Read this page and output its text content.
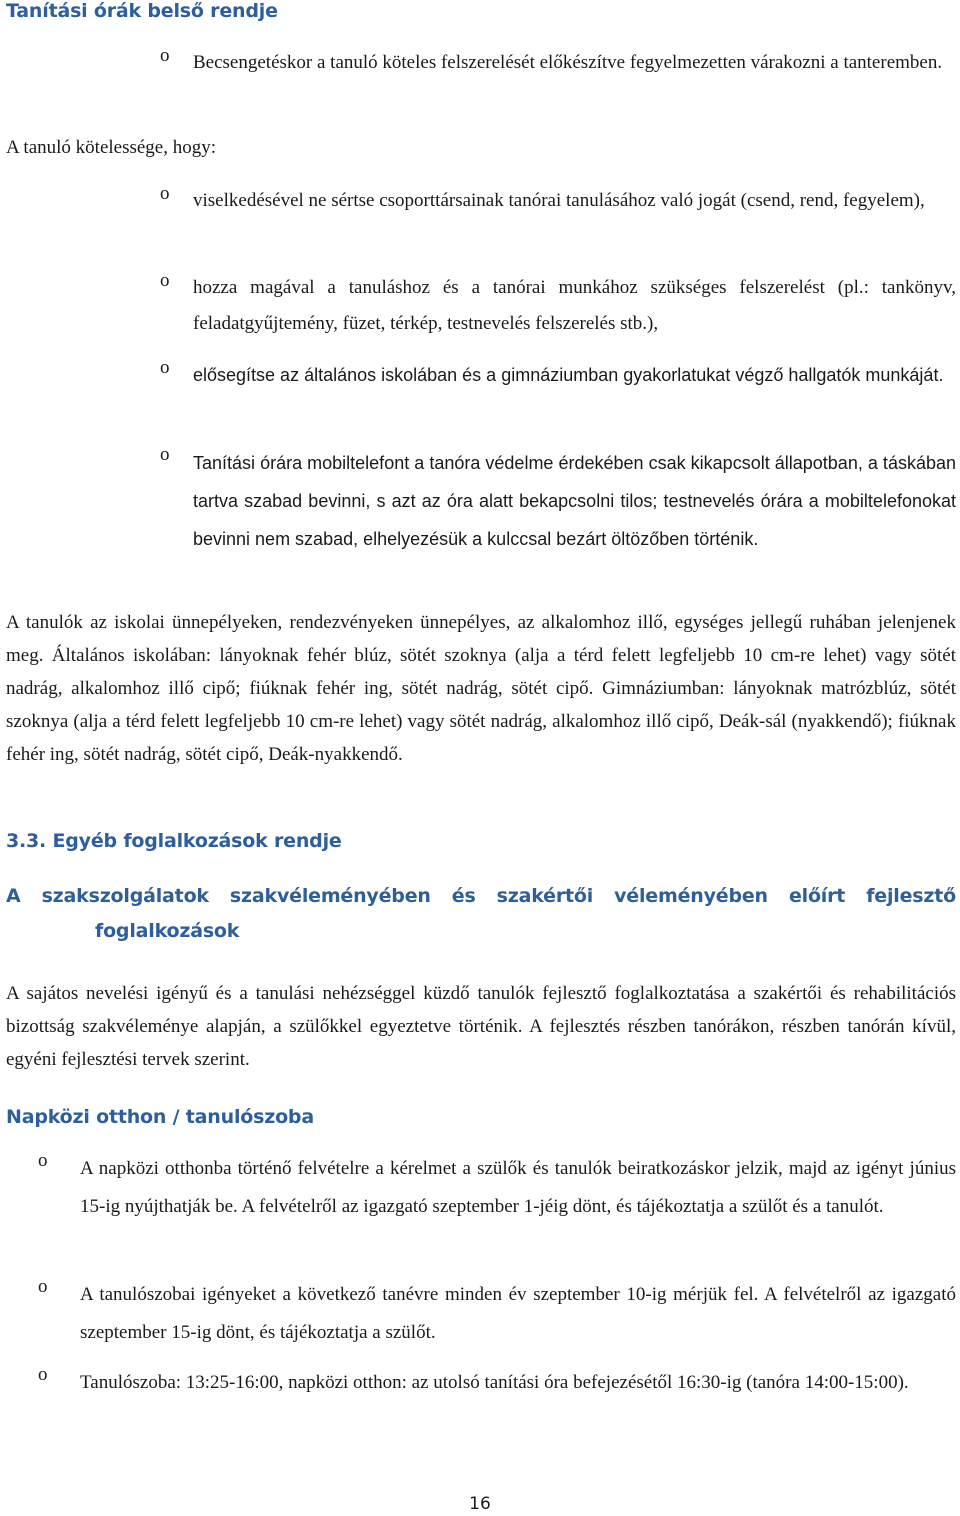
Tanítási órák belső rendje
o Becsengetéskor a tanuló köteles felszerelését előkészítve fegyelmezetten várakozni a tanteremben.

A tanuló kötelessége, hogy:

o viselkedésével ne sértse csoporttársainak tanórai tanulásához való jogát (csend, rend, fegyelem),

o hozza magával a tanuláshoz és a tanórai munkához szükséges felszerelést (pl.: tankönyv, feladatgyűjtemény, füzet, térkép, testnevelés felszerelés stb.),

o elősegítse az általános iskolában és a gimnáziumban gyakorlatukat végző hallgatók munkáját.

o Tanítási órára mobiltelefont a tanóra védelme érdekében csak kikapcsolt állapotban, a táskában tartva szabad bevinni, s azt az óra alatt bekapcsolni tilos; testnevelés órára a mobiltelefonokat bevinni nem szabad, elhelyezésük a kulccsal bezárt öltözőben történik.

A tanulók az iskolai ünnepélyeken, rendezvényeken ünnepélyes, az alkalomhoz illő, egységes jellegű ruhában jelenjenek meg. Általános iskolában: lányoknak fehér blúz, sötét szoknya (alja a térd felett legfeljebb 10 cm-re lehet) vagy sötét nadrág, alkalomhoz illő cipő; fiúknak fehér ing, sötét nadrág, sötét cipő. Gimnáziumban: lányoknak matrózblúz, sötét szoknya (alja a térd felett legfeljebb 10 cm-re lehet) vagy sötét nadrág, alkalomhoz illő cipő, Deák-sál (nyakkendő); fiúknak fehér ing, sötét nadrág, sötét cipő, Deák-nyakkendő.

3.3. Egyéb foglalkozások rendje
A szakszolgálatok szakvéleményében és szakértői véleményében előírt fejlesztő
foglalkozások

A sajátos nevelési igényű és a tanulási nehézséggel küzdő tanulók fejlesztő foglalkoztatása a szakértői és rehabilitációs bizottság szakvéleménye alapján, a szülőkkel egyeztetve történik. A fejlesztés részben tanórákon, részben tanórán kívül, egyéni fejlesztési tervek szerint.

Napközi otthon / tanulószoba
o A napközi otthonba történő felvételre a kérelmet a szülők és tanulók beiratkozáskor jelzik, majd az igényt június 15-ig nyújthatják be. A felvételről az igazgató szeptember 1-jéig dönt, és tájékoztatja a szülőt és a tanulót.

o A tanulószobai igényeket a következő tanévre minden év szeptember 10-ig mérjük fel. A felvételről az igazgató szeptember 15-ig dönt, és tájékoztatja a szülőt.

o Tanulószoba: 13:25-16:00, napközi otthon: az utolsó tanítási óra befejezésétől 16:30-ig (tanóra 14:00-15:00).

16
